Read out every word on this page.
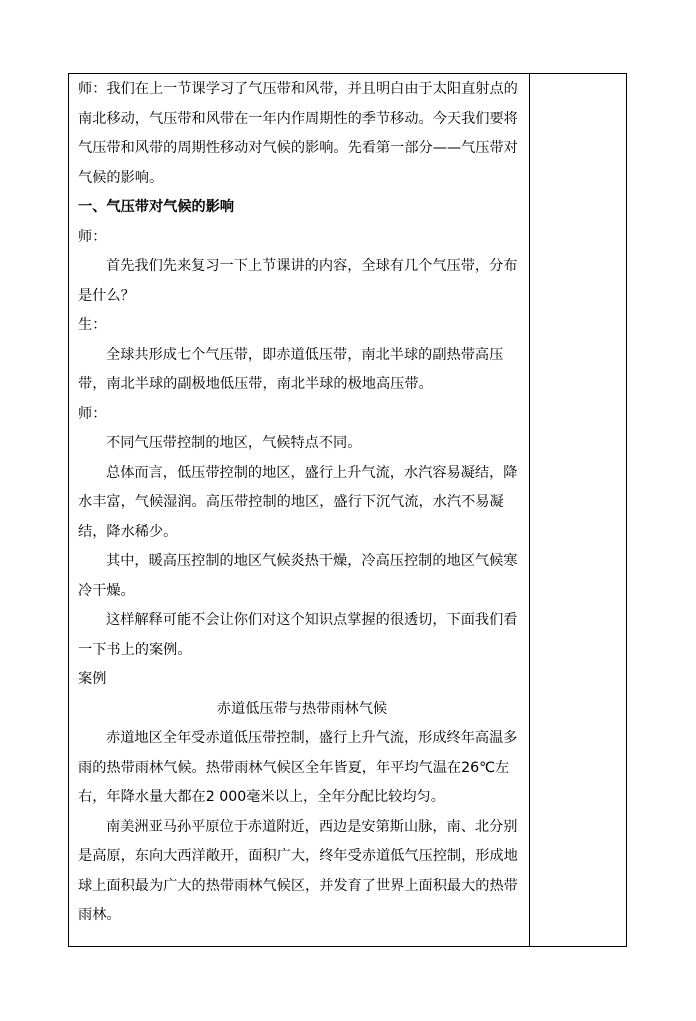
师：我们在上一节课学习了气压带和风带，并且明白由于太阳直射点的南北移动，气压带和风带在一年内作周期性的季节移动。今天我们要将气压带和风带的周期性移动对气候的影响。先看第一部分——气压带对气候的影响。

一、气压带对气候的影响

师：

首先我们先来复习一下上节课讲的内容，全球有几个气压带，分布是什么？

生：

全球共形成七个气压带，即赤道低压带，南北半球的副热带高压带，南北半球的副极地低压带，南北半球的极地高压带。

师：

不同气压带控制的地区，气候特点不同。

总体而言，低压带控制的地区，盛行上升气流，水汽容易凝结，降水丰富，气候湿润。高压带控制的地区，盛行下沉气流，水汽不易凝结，降水稀少。

其中，暖高压控制的地区气候炎热干燥，冷高压控制的地区气候寒冷干燥。

这样解释可能不会让你们对这个知识点掌握的很透切，下面我们看一下书上的案例。

案例

赤道低压带与热带雨林气候

赤道地区全年受赤道低压带控制，盛行上升气流，形成终年高温多雨的热带雨林气候。热带雨林气候区全年皆夏，年平均气温在26℃左右，年降水量大都在2 000毫米以上，全年分配比较均匀。

南美洲亚马孙平原位于赤道附近，西边是安第斯山脉，南、北分别是高原，东向大西洋敞开，面积广大，终年受赤道低气压控制，形成地球上面积最为广大的热带雨林气候区，并发育了世界上面积最大的热带雨林。
